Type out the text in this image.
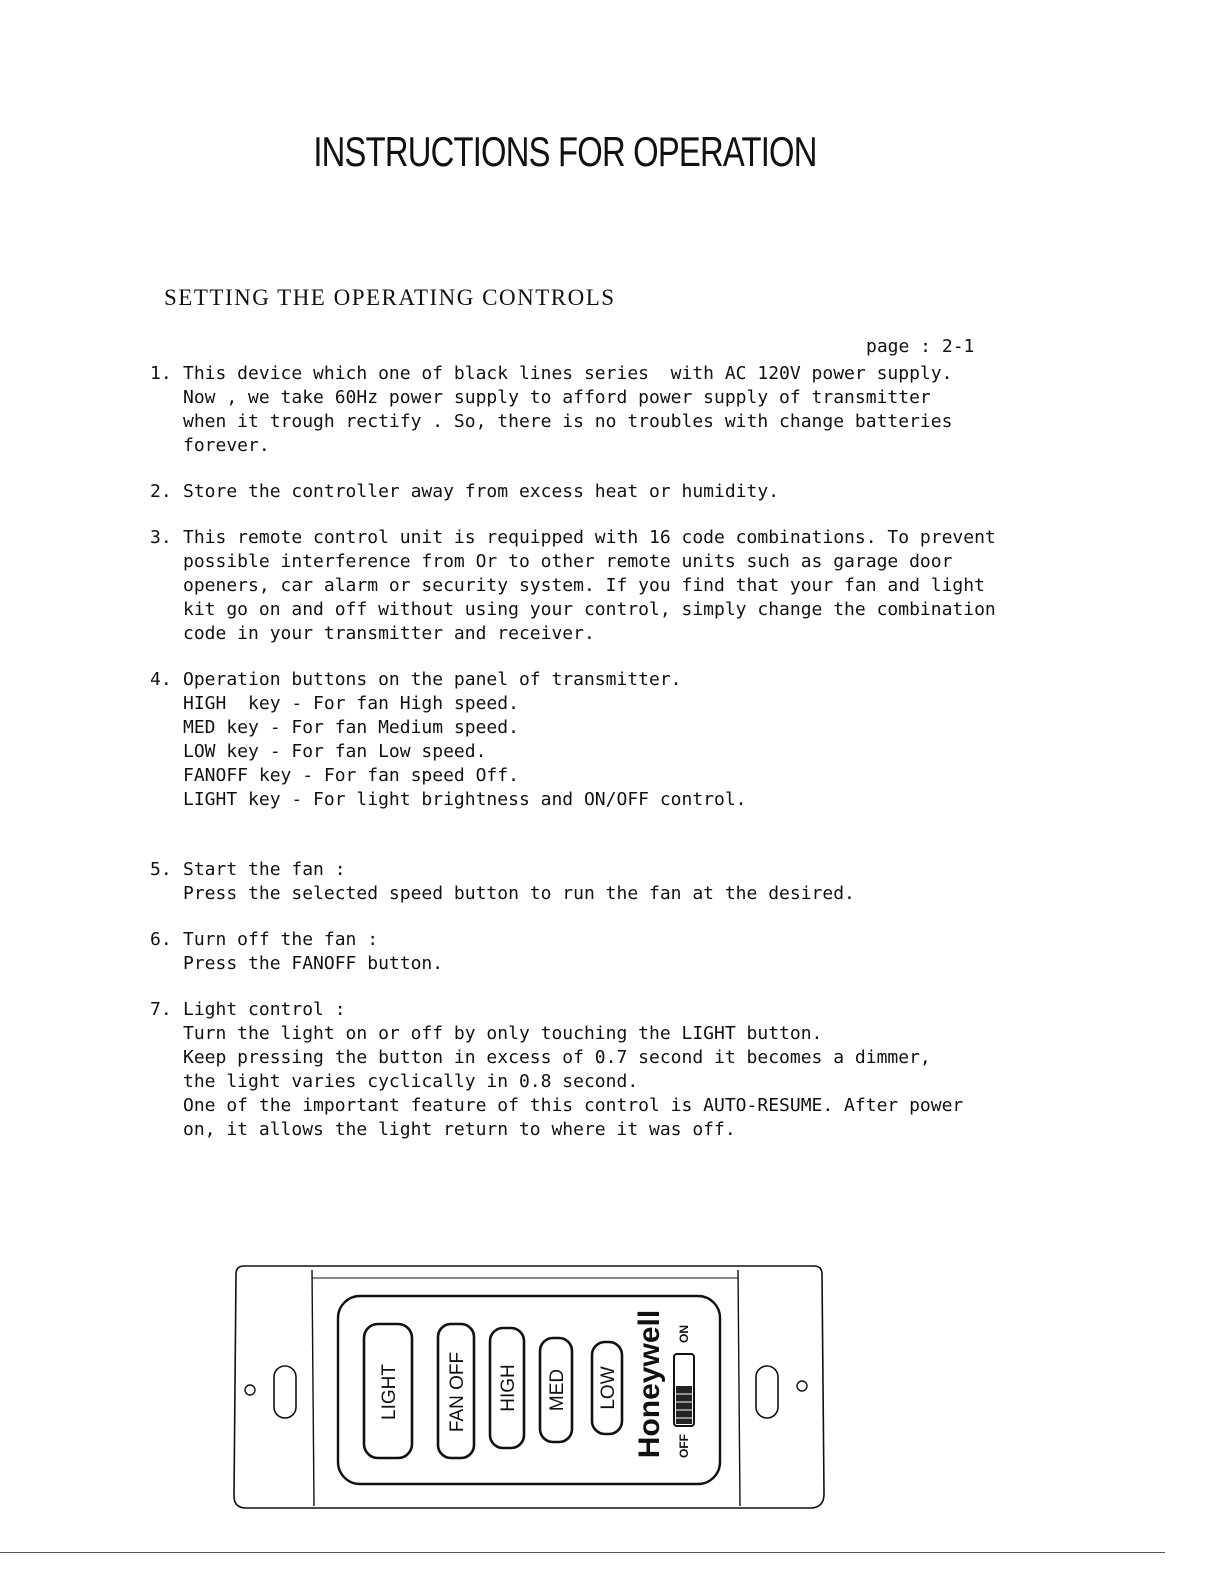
INSTRUCTIONS FOR OPERATION
SETTING THE OPERATING CONTROLS
page : 2-1
1. This device which one of black lines series  with AC 120V power supply.
Now , we take 60Hz power supply to afford power supply of transmitter
when it trough rectify . So, there is no troubles with change batteries
forever.
2. Store the controller away from excess heat or humidity.
3. This remote control unit is requipped with 16 code combinations. To prevent
possible interference from Or to other remote units such as garage door
openers, car alarm or security system. If you find that your fan and light
kit go on and off without using your control, simply change the combination
code in your transmitter and receiver.
4. Operation buttons on the panel of transmitter.
HIGH  key - For fan High speed.
MED key - For fan Medium speed.
LOW key - For fan Low speed.
FANOFF key - For fan speed Off.
LIGHT key - For light brightness and ON/OFF control.
5. Start the fan :
Press the selected speed button to run the fan at the desired.
6. Turn off the fan :
Press the FANOFF button.
7. Light control :
Turn the light on or off by only touching the LIGHT button.
Keep pressing the button in excess of 0.7 second it becomes a dimmer,
the light varies cyclically in 0.8 second.
One of the important feature of this control is AUTO-RESUME. After power
on, it allows the light return to where it was off.
LIGHT FAN OFF HIGH MED LOW Honeywell ON
OFF
